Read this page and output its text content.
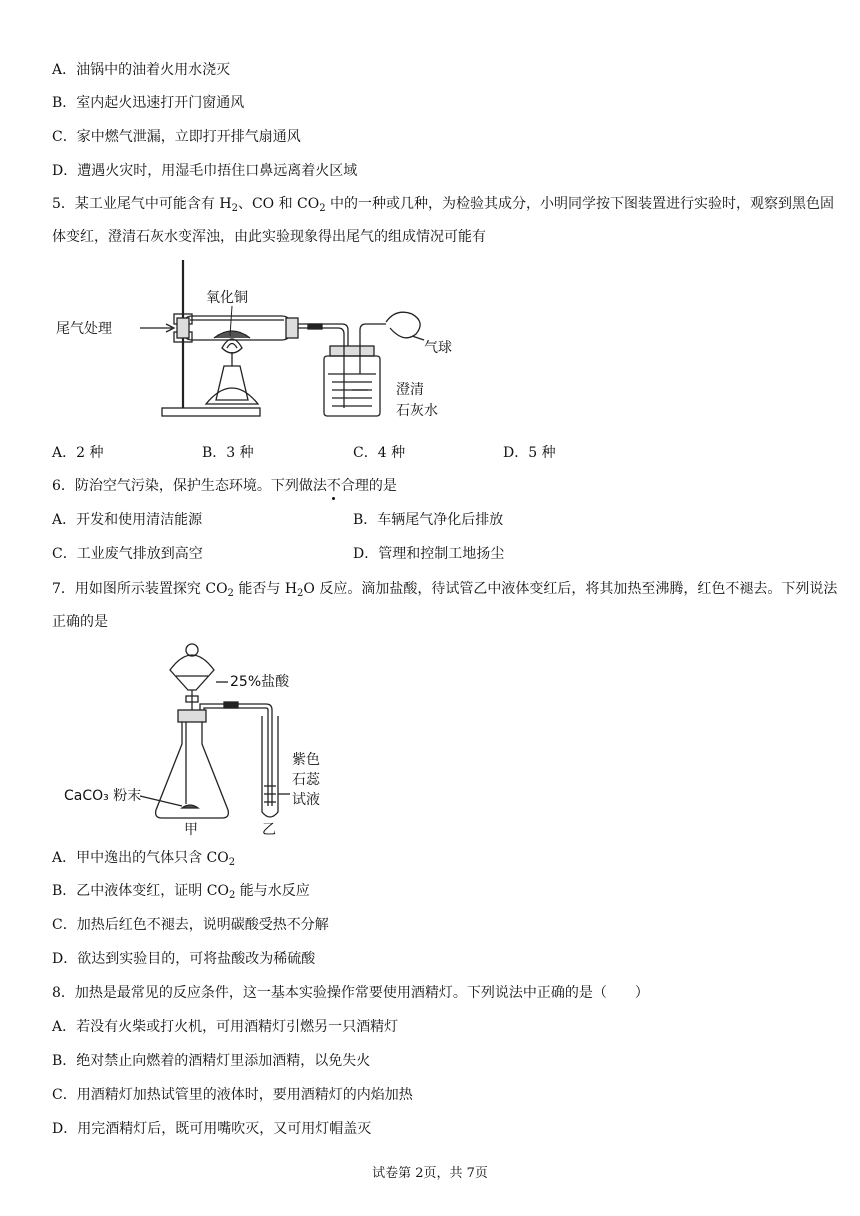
A．油锅中的油着火用水浇灭
B．室内起火迅速打开门窗通风
C．家中燃气泄漏，立即打开排气扇通风
D．遭遇火灾时，用湿毛巾捂住口鼻远离着火区域
5．某工业尾气中可能含有 $H_2$、CO 和 $CO_2$ 中的一种或几种，为检验其成分，小明同学按下图装置进行实验时，观察到黑色固体变红，澄清石灰水变浑浊，由此实验现象得出尾气的组成情况可能有
氧化铜
尾气处理
气球
澄清
石灰水
A．2 种	B．3 种	C．4 种	D．5 种
6．防治空气污染，保护生态环境。下列做法不合理的是
A．开发和使用清洁能源	B．车辆尾气净化后排放
C．工业废气排放到高空	D．管理和控制工地扬尘
7．用如图所示装置探究 $CO_2$ 能否与 $H_2O$ 反应。滴加盐酸，待试管乙中液体变红后，将其加热至沸腾，红色不褪去。下列说法正确的是
25%盐酸
CaCO₃ 粉末
紫色
石蕊
试液
甲	乙
A．甲中逸出的气体只含 $CO_2$
B．乙中液体变红，证明 $CO_2$ 能与水反应
C．加热后红色不褪去，说明碳酸受热不分解
D．欲达到实验目的，可将盐酸改为稀硫酸
8．加热是最常见的反应条件，这一基本实验操作常要使用酒精灯。下列说法中正确的是（　　）
A．若没有火柴或打火机，可用酒精灯引燃另一只酒精灯
B．绝对禁止向燃着的酒精灯里添加酒精，以免失火
C．用酒精灯加热试管里的液体时，要用酒精灯的内焰加热
D．用完酒精灯后，既可用嘴吹灭，又可用灯帽盖灭
试卷第 2页，共 7页
